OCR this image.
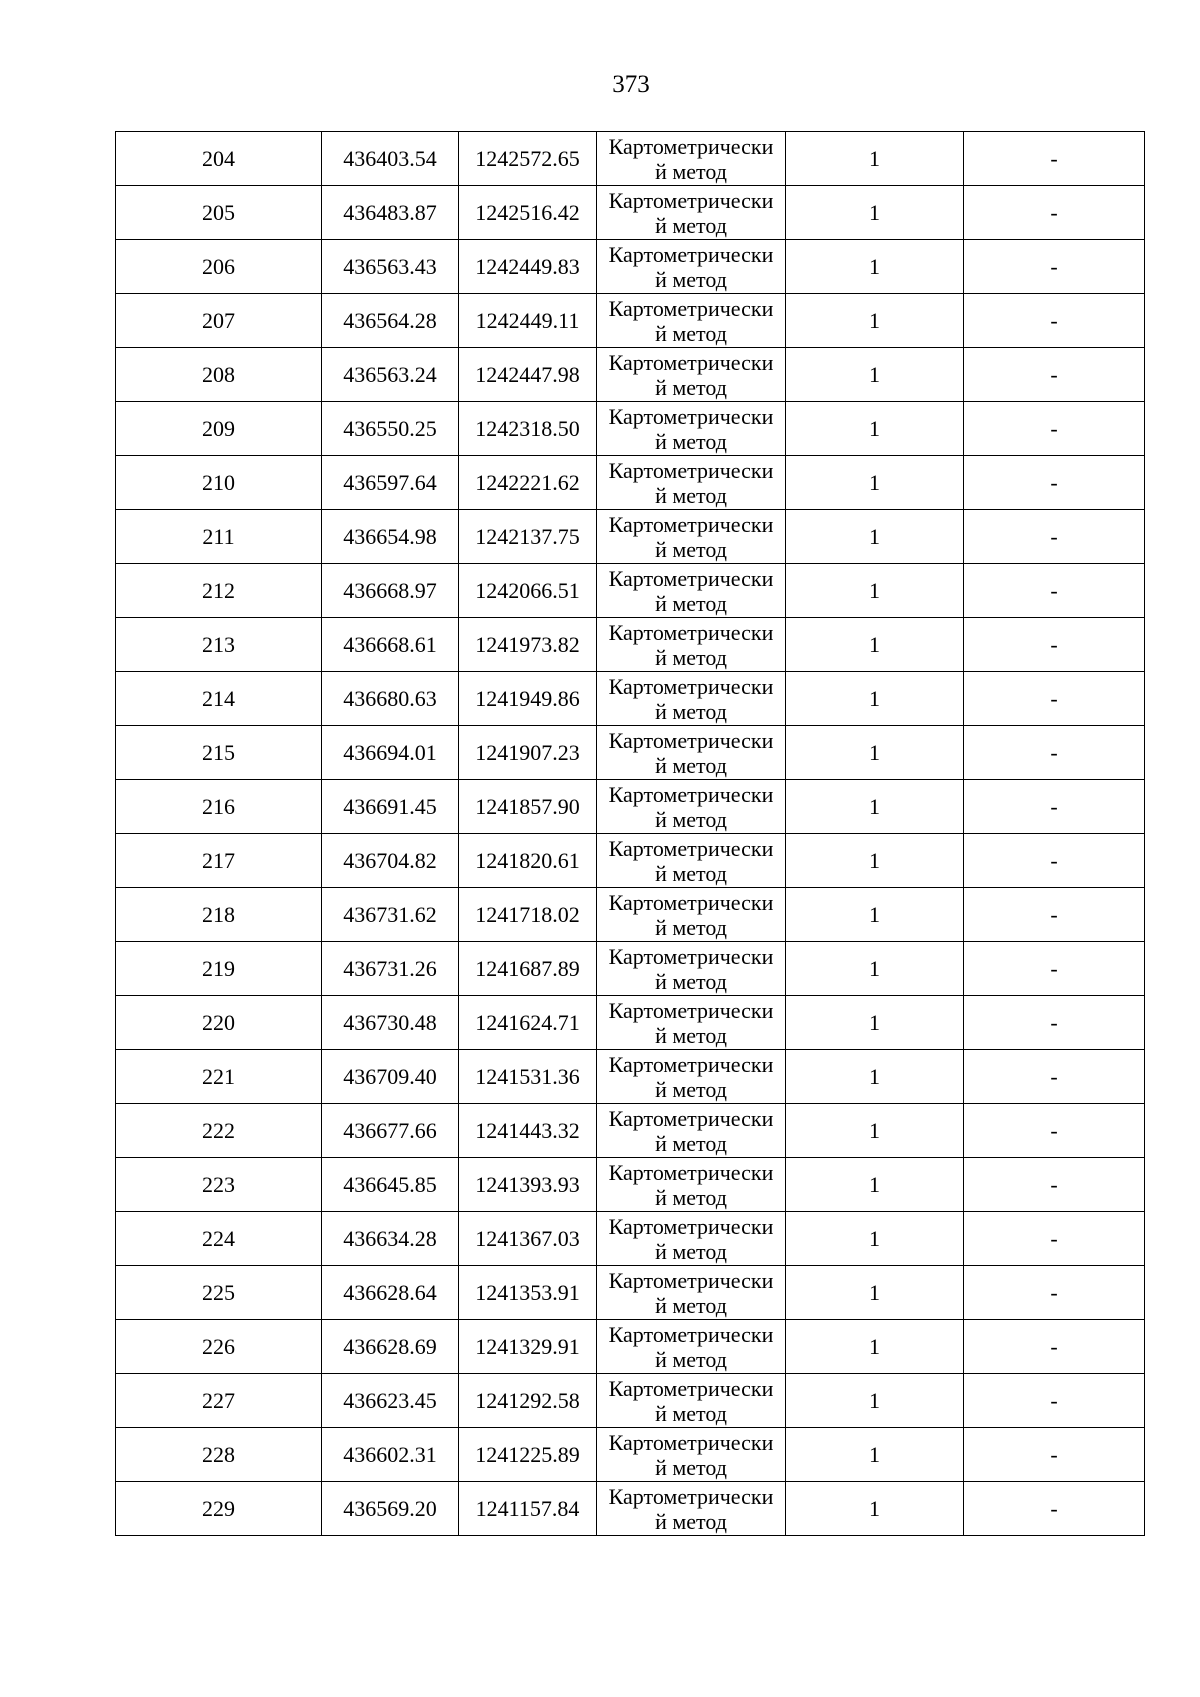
373
204	436403.54	1242572.65	Картометрически
й метод	1	-
205	436483.87	1242516.42	Картометрически
й метод	1	-
206	436563.43	1242449.83	Картометрически
й метод	1	-
207	436564.28	1242449.11	Картометрически
й метод	1	-
208	436563.24	1242447.98	Картометрически
й метод	1	-
209	436550.25	1242318.50	Картометрически
й метод	1	-
210	436597.64	1242221.62	Картометрически
й метод	1	-
211	436654.98	1242137.75	Картометрически
й метод	1	-
212	436668.97	1242066.51	Картометрически
й метод	1	-
213	436668.61	1241973.82	Картометрически
й метод	1	-
214	436680.63	1241949.86	Картометрически
й метод	1	-
215	436694.01	1241907.23	Картометрически
й метод	1	-
216	436691.45	1241857.90	Картометрически
й метод	1	-
217	436704.82	1241820.61	Картометрически
й метод	1	-
218	436731.62	1241718.02	Картометрически
й метод	1	-
219	436731.26	1241687.89	Картометрически
й метод	1	-
220	436730.48	1241624.71	Картометрически
й метод	1	-
221	436709.40	1241531.36	Картометрически
й метод	1	-
222	436677.66	1241443.32	Картометрически
й метод	1	-
223	436645.85	1241393.93	Картометрически
й метод	1	-
224	436634.28	1241367.03	Картометрически
й метод	1	-
225	436628.64	1241353.91	Картометрически
й метод	1	-
226	436628.69	1241329.91	Картометрически
й метод	1	-
227	436623.45	1241292.58	Картометрически
й метод	1	-
228	436602.31	1241225.89	Картометрически
й метод	1	-
229	436569.20	1241157.84	Картометрически
й метод	1	-
